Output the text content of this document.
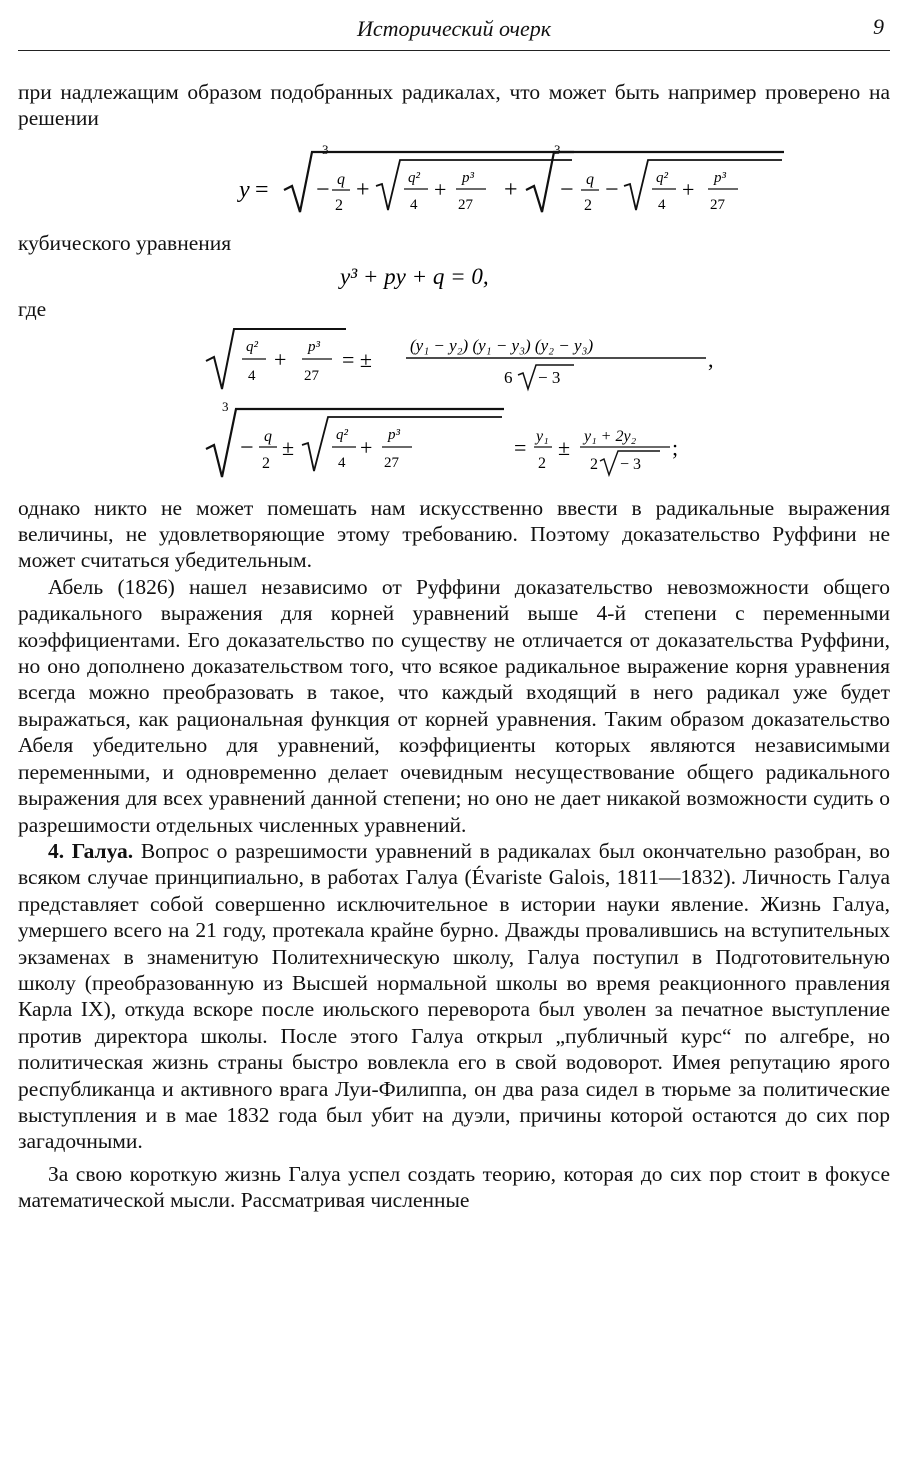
Исторический очерк	9

при надлежащим образом подобранных радикалах, что может быть например проверено на решении

y =
3
− q
2
+	q²
4
+ p³
27
+
3
− q
2
− q²
4
+ p³
27

кубического уравнения

y³ + py + q = 0,

где

q²
4
+ p³
27
= ±
(y₁ − y₂) (y₁ − y₃) (y₂ − y₃)
6 − 3
,
3
− q
2
±	q²
4
+ p³
27
= y₁
2
± y₁ + 2y₂
2 − 3
;

однако никто не может помешать нам искусственно ввести в радикальные выражения величины, не удовлетворяющие этому требованию. Поэтому доказательство Руффини не может считаться убедительным.

Абель (1826) нашел независимо от Руффини доказательство невозможности общего радикального выражения для корней уравнений выше 4-й степени с переменными коэффициентами. Его доказательство по существу не отличается от доказательства Руффини, но оно дополнено доказательством того, что всякое радикальное выражение корня уравнения всегда можно преобразовать в такое, что каждый входящий в него радикал уже будет выражаться, как рациональная функция от корней уравнения. Таким образом доказательство Абеля убедительно для уравнений, коэффициенты которых являются независимыми переменными, и одновременно делает очевидным несуществование общего радикального выражения для всех уравнений данной степени; но оно не дает никакой возможности судить о разрешимости отдельных численных уравнений.

4. Галуа. Вопрос о разрешимости уравнений в радикалах был окончательно разобран, во всяком случае принципиально, в работах Галуа (Évariste Galois, 1811—1832). Личность Галуа представляет собой совершенно исключительное в истории науки явление. Жизнь Галуа, умершего всего на 21 году, протекала крайне бурно. Дважды провалившись на вступительных экзаменах в знаменитую Политехническую школу, Галуа поступил в Подготовительную школу (преобразованную из Высшей нормальной школы во время реакционного правления Карла IX), откуда вскоре после июльского переворота был уволен за печатное выступление против директора школы. После этого Галуа открыл „публичный курс“ по алгебре, но политическая жизнь страны быстро вовлекла его в свой водоворот. Имея репутацию ярого республиканца и активного врага Луи-Филиппа, он два раза сидел в тюрьме за политические выступления и в мае 1832 года был убит на дуэли, причины которой остаются до сих пор загадочными.

За свою короткую жизнь Галуа успел создать теорию, которая до сих пор стоит в фокусе математической мысли. Рассматривая численные
